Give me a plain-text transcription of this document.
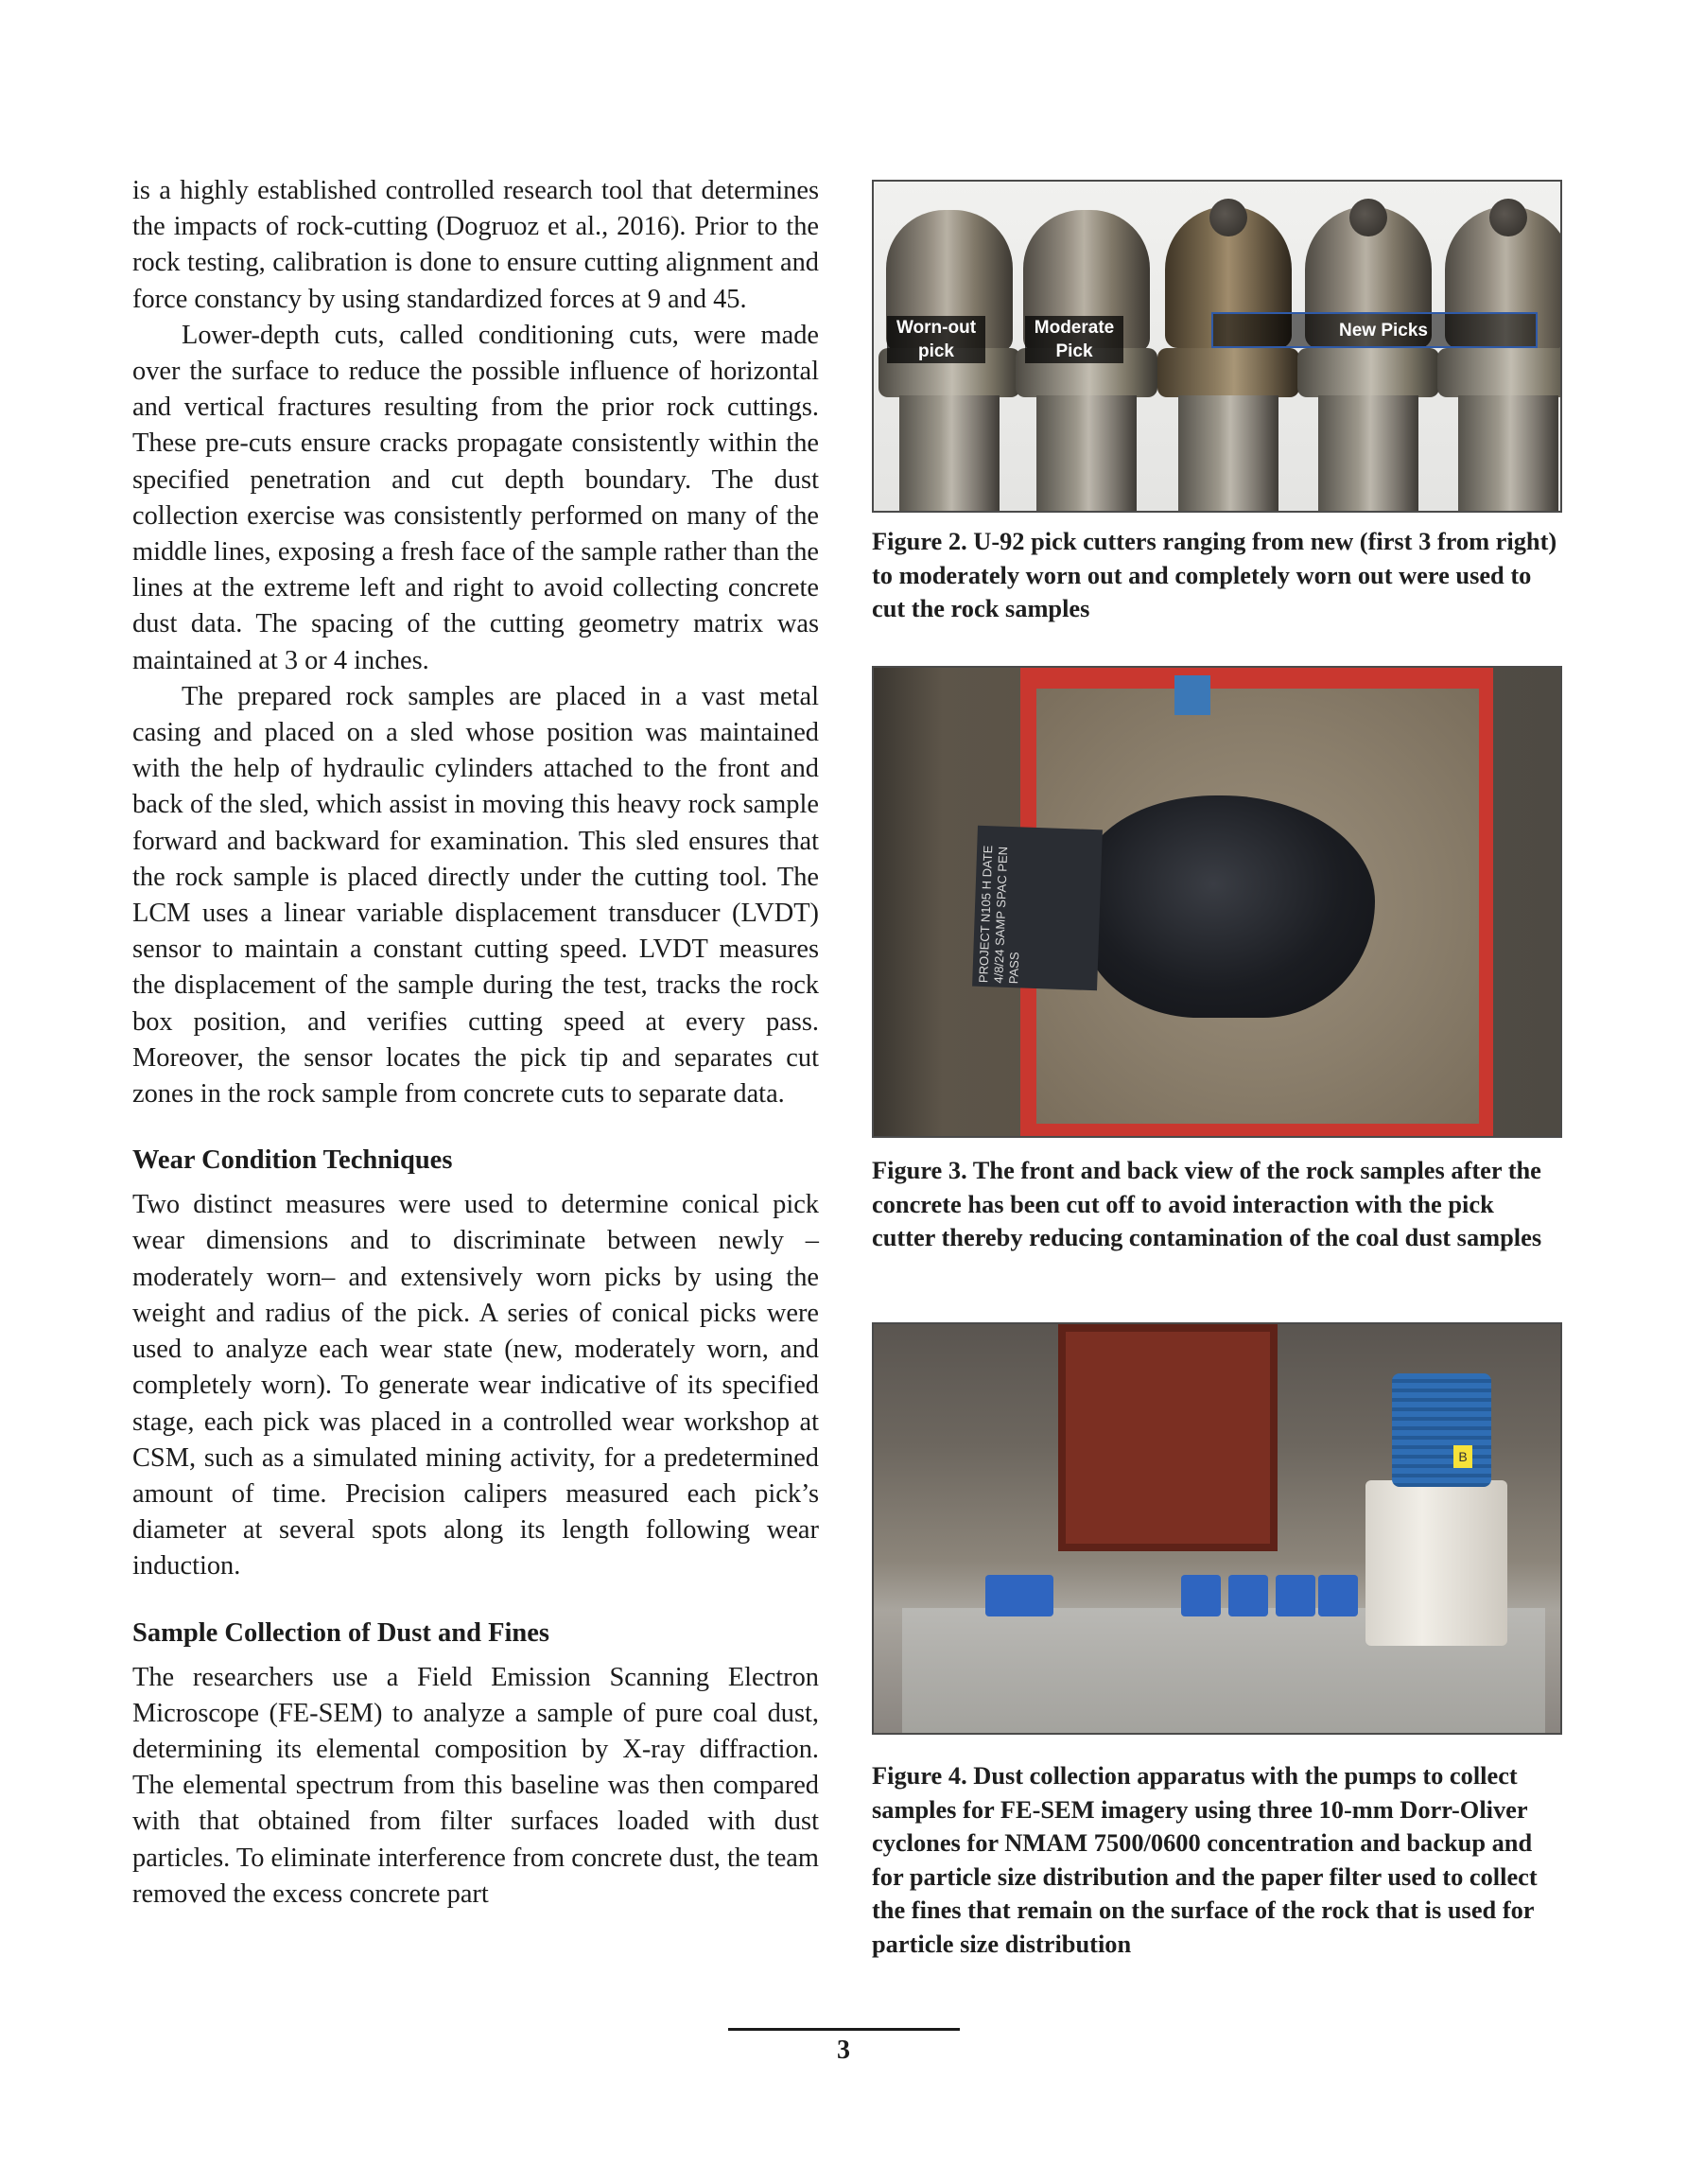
is a highly established controlled research tool that determines the impacts of rock-cutting (Dogruoz et al., 2016). Prior to the rock testing, calibration is done to ensure cutting alignment and force constancy by using standardized forces at 9 and 45.

Lower-depth cuts, called conditioning cuts, were made over the surface to reduce the possible influence of horizontal and vertical fractures resulting from the prior rock cuttings. These pre-cuts ensure cracks propagate consistently within the specified penetration and cut depth boundary. The dust collection exercise was consistently performed on many of the middle lines, exposing a fresh face of the sample rather than the lines at the extreme left and right to avoid collecting concrete dust data. The spacing of the cutting geometry matrix was maintained at 3 or 4 inches.

The prepared rock samples are placed in a vast metal casing and placed on a sled whose position was maintained with the help of hydraulic cylinders attached to the front and back of the sled, which assist in moving this heavy rock sample forward and backward for examination. This sled ensures that the rock sample is placed directly under the cutting tool. The LCM uses a linear variable displacement transducer (LVDT) sensor to maintain a constant cutting speed. LVDT measures the displacement of the sample during the test, tracks the rock box position, and verifies cutting speed at every pass. Moreover, the sensor locates the pick tip and separates cut zones in the rock sample from concrete cuts to separate data.

Wear Condition Techniques

Two distinct measures were used to determine conical pick wear dimensions and to discriminate between newly – moderately worn– and extensively worn picks by using the weight and radius of the pick. A series of conical picks were used to analyze each wear state (new, moderately worn, and completely worn). To generate wear indicative of its specified stage, each pick was placed in a controlled wear workshop at CSM, such as a simulated mining activity, for a predetermined amount of time. Precision calipers measured each pick’s diameter at several spots along its length following wear induction.

Sample Collection of Dust and Fines

The researchers use a Field Emission Scanning Electron Microscope (FE-SEM) to analyze a sample of pure coal dust, determining its elemental composition by X-ray diffraction. The elemental spectrum from this baseline was then compared with that obtained from filter surfaces loaded with dust particles. To eliminate interference from concrete dust, the team removed the excess concrete part

Worn-out pick
Moderate Pick
New Picks

Figure 2. U-92 pick cutters ranging from new (first 3 from right) to moderately worn out and completely worn out were used to cut the rock samples

PROJECT N105 H DATE 4/8/24 SAMP SPAC PEN PASS

Figure 3. The front and back view of the rock samples after the concrete has been cut off to avoid interaction with the pick cutter thereby reducing contamination of the coal dust samples

B

Figure 4. Dust collection apparatus with the pumps to collect samples for FE-SEM imagery using three 10-mm Dorr-Oliver cyclones for NMAM 7500/0600 concentration and backup and for particle size distribution and the paper filter used to collect the fines that remain on the surface of the rock that is used for particle size distribution

3
